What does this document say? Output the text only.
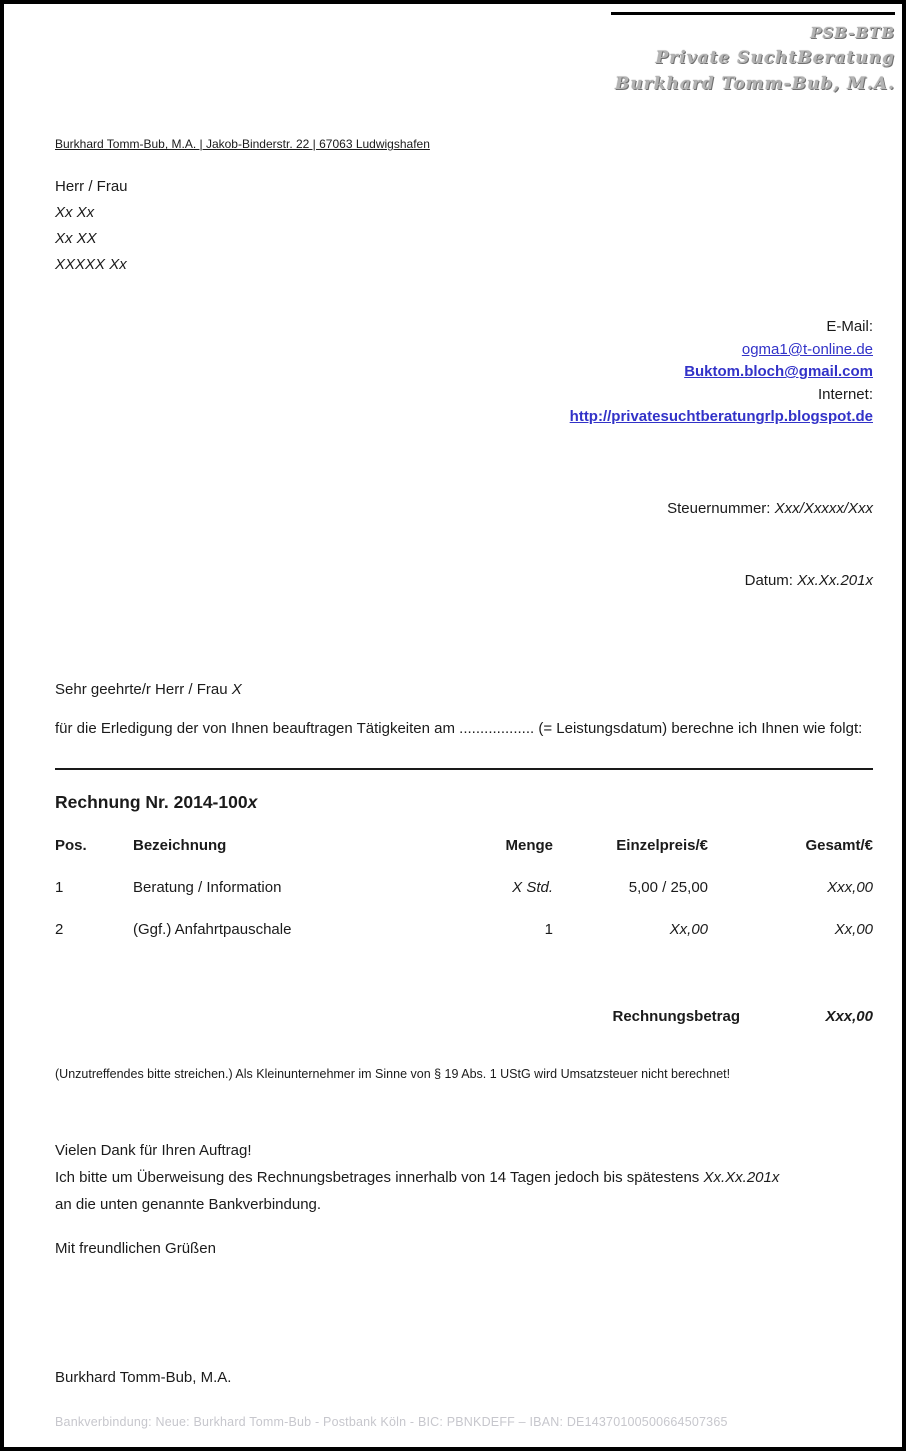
PSB-BTB
Private SuchtBeratung
Burkhard Tomm-Bub, M.A.
Burkhard Tomm-Bub, M.A. | Jakob-Binderstr. 22 | 67063 Ludwigshafen
Herr / Frau
Xx Xx
Xx XX
XXXXX Xx
E-Mail:
ogma1@t-online.de
Buktom.bloch@gmail.com
Internet:
http://privatesuchtberatungrlp.blogspot.de

Steuernummer: Xxx/Xxxxx/Xxx

Datum: Xx.Xx.201x

Sehr geehrte/r Herr / Frau X
für die Erledigung der von Ihnen beauftragen Tätigkeiten am .................. (= Leistungsdatum) berechne ich Ihnen wie folgt:
Rechnung Nr. 2014-100x
Pos.	Bezeichnung	Menge	Einzelpreis/€	Gesamt/€
1	Beratung / Information	X Std.	5,00 / 25,00	Xxx,00
2	(Ggf.) Anfahrtpauschale	1	Xx,00	Xx,00
Rechnungsbetrag	Xxx,00
(Unzutreffendes bitte streichen.) Als Kleinunternehmer im Sinne von § 19 Abs. 1 UStG wird Umsatzsteuer nicht berechnet!
Vielen Dank für Ihren Auftrag!
Ich bitte um Überweisung des Rechnungsbetrages innerhalb von 14 Tagen jedoch bis spätestens Xx.Xx.201x
an die unten genannte Bankverbindung.
Mit freundlichen Grüßen
Burkhard Tomm-Bub, M.A.
Bankverbindung: Neue: Burkhard Tomm-Bub - Postbank Köln - BIC: PBNKDEFF – IBAN: DE14370100500664507365
